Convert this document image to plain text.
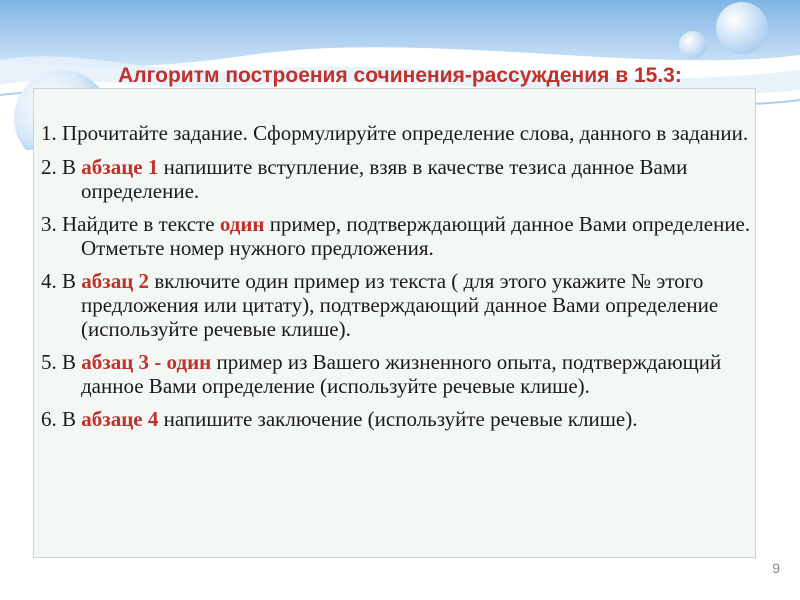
Алгоритм построения сочинения-рассуждения в 15.3:
1. Прочитайте задание. Сформулируйте определение слова, данного в задании.
2. В абзаце 1 напишите вступление, взяв в качестве тезиса данное Вами определение.
3. Найдите в тексте один пример, подтверждающий данное Вами определение. Отметьте номер нужного предложения.
4. В абзац 2 включите один пример из текста ( для этого укажите № этого предложения или цитату), подтверждающий данное Вами определение (используйте речевые клише).
5. В абзац 3 - один пример из Вашего жизненного опыта, подтверждающий данное Вами определение (используйте речевые клише).
6. В абзаце 4 напишите заключение (используйте речевые клише).
9
